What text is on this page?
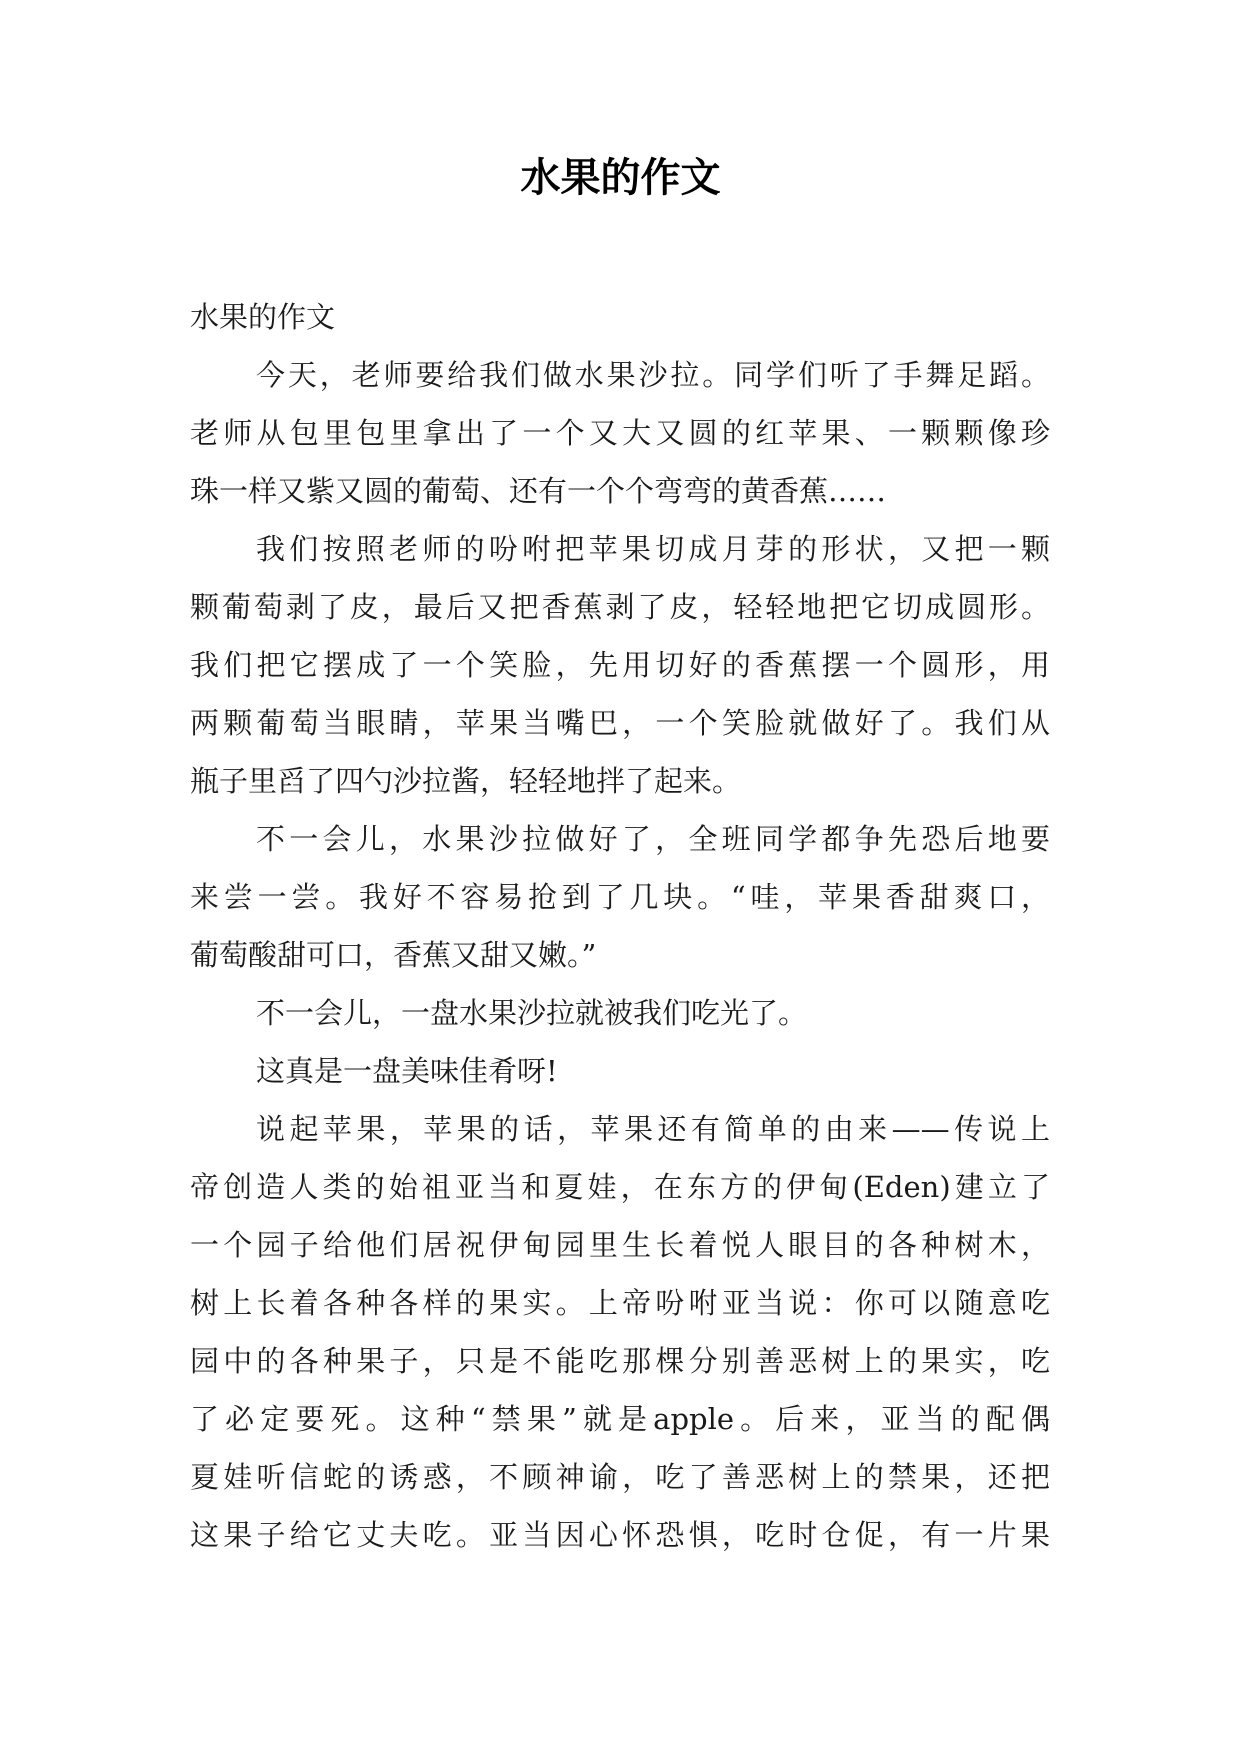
水果的作文
水果的作文
今天，老师要给我们做水果沙拉。同学们听了手舞足蹈。
老师从包里包里拿出了一个又大又圆的红苹果、一颗颗像珍
珠一样又紫又圆的葡萄、还有一个个弯弯的黄香蕉……
我们按照老师的吩咐把苹果切成月芽的形状，又把一颗
颗葡萄剥了皮，最后又把香蕉剥了皮，轻轻地把它切成圆形。
我们把它摆成了一个笑脸，先用切好的香蕉摆一个圆形，用
两颗葡萄当眼睛，苹果当嘴巴，一个笑脸就做好了。我们从
瓶子里舀了四勺沙拉酱，轻轻地拌了起来。
不一会儿，水果沙拉做好了，全班同学都争先恐后地要
来尝一尝。我好不容易抢到了几块。“哇，苹果香甜爽口，
葡萄酸甜可口，香蕉又甜又嫩。”
不一会儿，一盘水果沙拉就被我们吃光了。
这真是一盘美味佳肴呀!
说起苹果，苹果的话，苹果还有简单的由来——传说上
帝创造人类的始祖亚当和夏娃，在东方的伊甸(Eden)建立了
一个园子给他们居祝伊甸园里生长着悦人眼目的各种树木，
树上长着各种各样的果实。上帝吩咐亚当说：你可以随意吃
园中的各种果子，只是不能吃那棵分别善恶树上的果实，吃
了必定要死。这种“禁果”就是apple。后来，亚当的配偶
夏娃听信蛇的诱惑，不顾神谕，吃了善恶树上的禁果，还把
这果子给它丈夫吃。亚当因心怀恐惧，吃时仓促，有一片果
